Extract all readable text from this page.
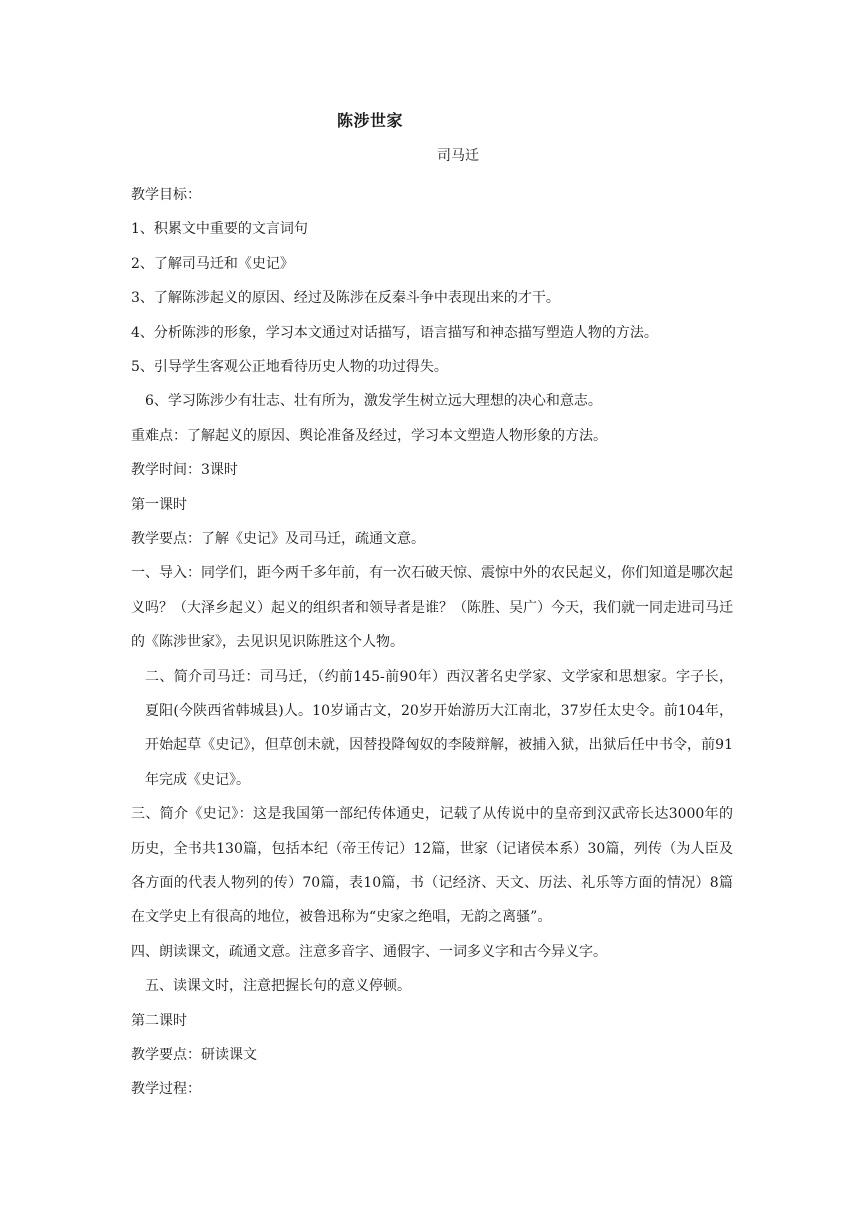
陈涉世家
司马迁
教学目标：
1、积累文中重要的文言词句
2、了解司马迁和《史记》
3、了解陈涉起义的原因、经过及陈涉在反秦斗争中表现出来的才干。
4、分析陈涉的形象，学习本文通过对话描写，语言描写和神态描写塑造人物的方法。
5、引导学生客观公正地看待历史人物的功过得失。
6、学习陈涉少有壮志、壮有所为，激发学生树立远大理想的决心和意志。
重难点：了解起义的原因、舆论准备及经过，学习本文塑造人物形象的方法。
教学时间：3课时
第一课时
教学要点：了解《史记》及司马迁，疏通文意。
一、导入：同学们，距今两千多年前，有一次石破天惊、震惊中外的农民起义，你们知道是哪次起义吗？（大泽乡起义）起义的组织者和领导者是谁？（陈胜、吴广）今天，我们就一同走进司马迁的《陈涉世家》，去见识见识陈胜这个人物。
二、简介司马迁：司马迁，（约前145-前90年）西汉著名史学家、文学家和思想家。字子长，夏阳(今陕西省韩城县)人。10岁诵古文，20岁开始游历大江南北，37岁任太史令。前104年，开始起草《史记》，但草创未就，因替投降匈奴的李陵辩解，被捕入狱，出狱后任中书令，前91年完成《史记》。
三、简介《史记》：这是我国第一部纪传体通史，记载了从传说中的皇帝到汉武帝长达3000年的历史，全书共130篇，包括本纪（帝王传记）12篇，世家（记诸侯本系）30篇，列传（为人臣及各方面的代表人物列的传）70篇，表10篇，书（记经济、天文、历法、礼乐等方面的情况）8篇在文学史上有很高的地位，被鲁迅称为“史家之绝唱，无韵之离骚”。
四、朗读课文，疏通文意。注意多音字、通假字、一词多义字和古今异义字。
五、读课文时，注意把握长句的意义停顿。
第二课时
教学要点：研读课文
教学过程：
